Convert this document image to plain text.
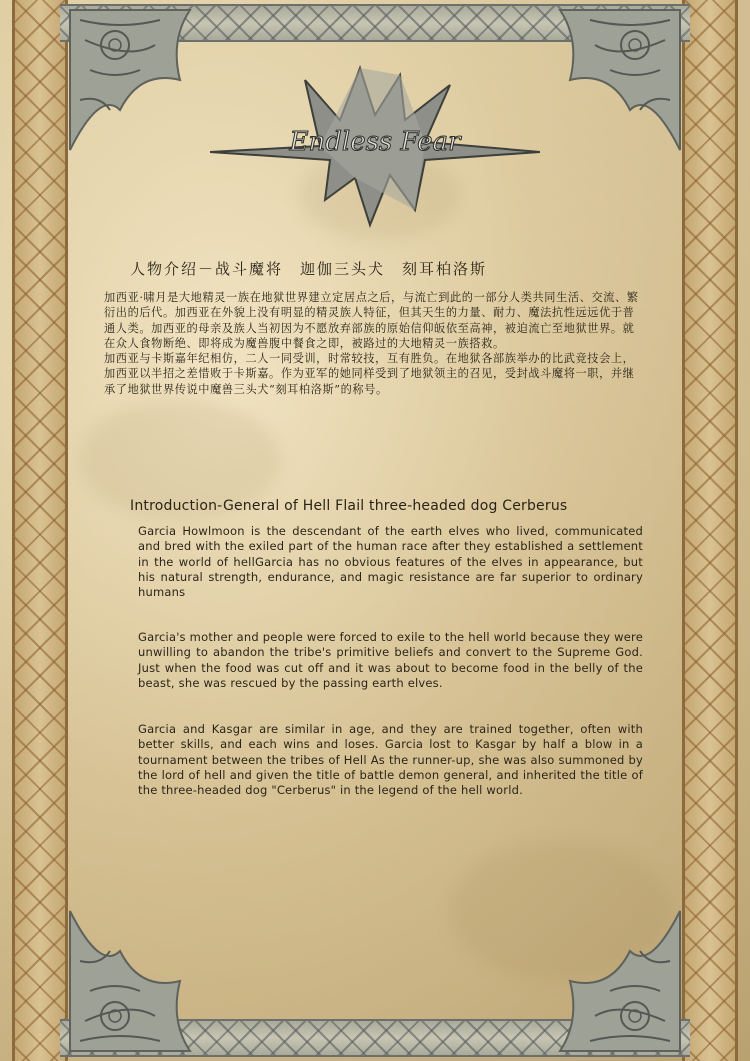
Endless Fear
人物介绍－战斗魔将　迦伽三头犬　刻耳柏洛斯

加西亚·啸月是大地精灵一族在地狱世界建立定居点之后，与流亡到此的一部分人类共同生活、交流、繁衍出的后代。加西亚在外貌上没有明显的精灵族人特征，但其天生的力量、耐力、魔法抗性远远优于普通人类。加西亚的母亲及族人当初因为不愿放弃部族的原始信仰皈依至高神，被迫流亡至地狱世界。就在众人食物断绝、即将成为魔兽腹中餐食之即，被路过的大地精灵一族搭救。

加西亚与卡斯嘉年纪相仿，二人一同受训，时常较技，互有胜负。在地狱各部族举办的比武竞技会上，加西亚以半招之差惜败于卡斯嘉。作为亚军的她同样受到了地狱领主的召见，受封战斗魔将一职，并继承了地狱世界传说中魔兽三头犬“刻耳柏洛斯”的称号。

Introduction-General of Hell Flail three-headed dog Cerberus

Garcia Howlmoon is the descendant of the earth elves who lived, communicated and bred with the exiled part of the human race after they established a settlement in the world of hellGarcia has no obvious features of the elves in appearance, but his natural strength, endurance, and magic resistance are far superior to ordinary humans

Garcia's mother and people were forced to exile to the hell world because they were unwilling to abandon the tribe's primitive beliefs and convert to the Supreme God. Just when the food was cut off and it was about to become food in the belly of the beast, she was rescued by the passing earth elves.

Garcia and Kasgar are similar in age, and they are trained together, often with better skills, and each wins and loses. Garcia lost to Kasgar by half a blow in a tournament between the tribes of Hell As the runner-up, she was also summoned by the lord of hell and given the title of battle demon general, and inherited the title of the three-headed dog "Cerberus" in the legend of the hell world.
